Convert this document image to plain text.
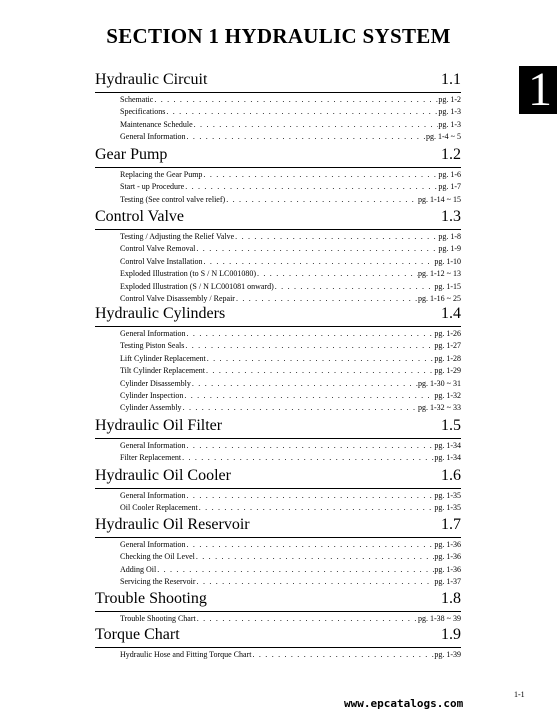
SECTION 1 HYDRAULIC SYSTEM
1
Hydraulic Circuit	1.1
Schematic . . .	pg. 1-2
Specifications . . .	pg. 1-3
Maintenance Schedule . . .	pg. 1-3
General Information . . .	pg. 1-4 ~ 5
Gear Pump	1.2
Replacing the Gear Pump . . .	pg. 1-6
Start - up Procedure . . .	pg. 1-7
Testing (See control valve relief) . . .	pg. 1-14 ~ 15
Control Valve	1.3
Testing / Adjusting the Relief Valve . . .	pg. 1-8
Control Valve Removal . . .	pg. 1-9
Control Valve Installation . . .	pg. 1-10
Exploded Illustration (to S / N LC001080) . . .	pg. 1-12 ~ 13
Exploded Illustration (S / N LC001081 onward) . . .	pg. 1-15
Control Valve Disassembly / Repair . . .	pg. 1-16 ~ 25
Hydraulic Cylinders	1.4
General Information . . .	pg. 1-26
Testing Piston Seals . . .	pg. 1-27
Lift Cylinder Replacement . . .	pg. 1-28
Tilt Cylinder Replacement . . .	pg. 1-29
Cylinder Disassembly . . .	pg. 1-30 ~ 31
Cylinder Inspection . . .	pg. 1-32
Cylinder Assembly . . .	pg. 1-32 ~ 33
Hydraulic Oil Filter	1.5
General Information . . .	pg. 1-34
Filter Replacement . . .	pg. 1-34
Hydraulic Oil Cooler	1.6
General Information . . .	pg. 1-35
Oil Cooler Replacement . . .	pg. 1-35
Hydraulic Oil Reservoir	1.7
General Information . . .	pg. 1-36
Checking the Oil Level . . .	pg. 1-36
Adding Oil . . .	pg. 1-36
Servicing the Reservoir . . .	pg. 1-37
Trouble Shooting	1.8
Trouble Shooting Chart . . .	pg. 1-38 ~ 39
Torque Chart	1.9
Hydraulic Hose and Fitting Torque Chart . . .	pg. 1-39
www.epcatalogs.com
1-1
